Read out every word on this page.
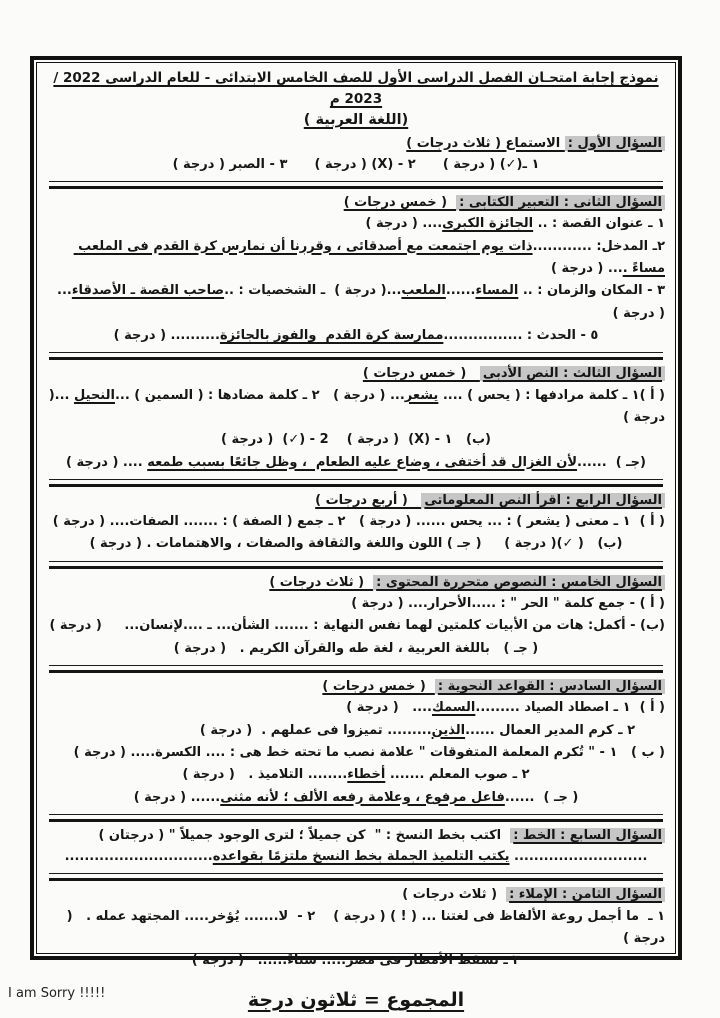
نموذج إجابة امتحـان الفصل الدراسى الأول للصف الخامس الابتدائى - للعام الدراسى 2022 / 2023 م
(اللغة العربية )
السؤال الأول : الاستماع ( ثلاث درجات )
١ ـ(✓) ( درجة )      ٢ - (X) ( درجة )      ٣ - الصبر ( درجة )
السؤال الثانى : التعبير الكتابى :  ( خمس درجات )
١ ـ عنوان القصة : .. الجائزة الكبرى.... ( درجة )
٢ـ المدخل: ............ذات يوم اجتمعت مع أصدقائى ، وقررنا أن نمارس كرة القدم فى الملعب مساءً .... ( درجة )
٣ - المكان والزمان : .. المساء......الملعب...( درجة )  ـ الشخصيات : ..صاحب القصة ـ الأصدقاء... ( درجة )
٥ - الحدث : ................ممارسة كرة القدم  والفوز بالجائزة.......... ( درجة )
السؤال الثالث : النص الأدبى   ( خمس درجات )
( أ )١ ـ كلمة مرادفها : ( يحس ) .... يشعر... ( درجة )   ٢ ـ كلمة مضادها : ( السمين ) ...النحيل ...( درجة )
(ب)   ١ - (X)  ( درجة )    2 - (✓)  ( درجة )
(جـ )  ......لأن الغزال قد أختفى ، وضاع عليه الطعام  ، وظل جائعًا بسبب طمعه .... ( درجة )
السؤال الرابع : اقرأ النص المعلوماتى   ( أربع درجات )
( أ )  ١ ـ معنى ( يشعر ) : ... يحس ...... ( درجة )   ٢ ـ جمع ( الصفة ) : ....... الصفات.... ( درجة )
(ب)   ( ✓)( درجة )     ( جـ ) اللون واللغة والثقافة والصفات ، والاهتمامات . ( درجة )
السؤال الخامس : النصوص متحررة المحتوى :  ( ثلاث درجات )
( أ ) - جمع كلمة " الحر " : .....الأحرار.... ( درجة )
(ب) - أكمل: هات من الأبيات كلمتين لهما نفس النهاية : ....... الشأن... ـ ....لإنسان...     ( درجة )
( جـ )   باللغة العربية ، لغة طه والقرآن الكريم .   ( درجة )
السؤال السادس : القواعد النحوية :  ( خمس درجات )
( أ )  ١ ـ اصطاد الصياد .........السمك....   ( درجة )
٢ ـ كرم المدير العمال ......الذين......... تميزوا فى عملهم .  ( درجة )
( ب )   ١ - " تُكرم المعلمة المتفوقات " علامة نصب ما تحته خط هى : .... الكسرة..... ( درجة )
٢ ـ صوب المعلم ....... أخطاء........ التلاميذ .   ( درجة )
( جـ )  ......فاعل مرفوع ، وعلامة رفعه الألف ؛ لأنه مثنى...... ( درجة )
السؤال السابع : الخط :  اكتب بخط النسخ : "  كن جميلاً ؛ لترى الوجود جميلاً " ( درجتان )
........................... يكتب التلميذ الجملة بخط النسخ ملتزمًا بقواعده..............................
السؤال الثامن : الإملاء :  ( ثلاث درجات )
١ ـ  ما أجمل روعة الألفاظ فى لغتنا ... ( ! ) ( درجة )    ٢ -  لا....... يُؤخر..... المجتهد عمله .   ( درجة )
٣ ـ تسقط الأمطار فى مصر..... شتاءً......   ( درجة )
المجموع = ثلاثون درجة
I am Sorry !!!!!
